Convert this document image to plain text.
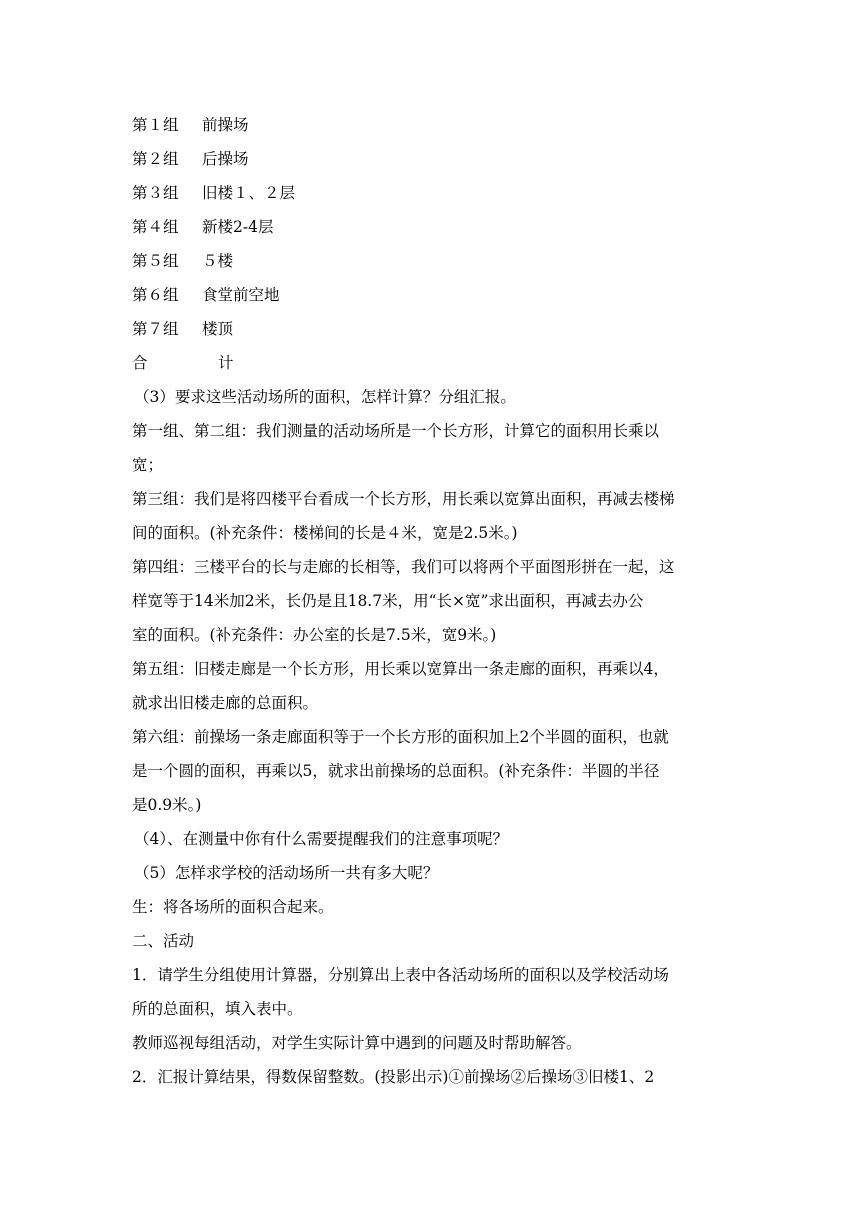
第１组	前操场
第２组	后操场
第３组	旧楼１、２层
第４组	新楼2-4层
第５组	５楼
第６组	食堂前空地
第７组	楼顶
合	计

（3）要求这些活动场所的面积，怎样计算？分组汇报。

第一组、第二组：我们测量的活动场所是一个长方形，计算它的面积用长乘以

宽；

第三组：我们是将四楼平台看成一个长方形，用长乘以宽算出面积，再减去楼梯

间的面积。(补充条件：楼梯间的长是４米，宽是2.5米。)

第四组：三楼平台的长与走廊的长相等，我们可以将两个平面图形拼在一起，这

样宽等于14米加2米，长仍是且18.7米，用“长×宽”求出面积，再减去办公

室的面积。(补充条件：办公室的长是7.5米，宽9米。)

第五组：旧楼走廊是一个长方形，用长乘以宽算出一条走廊的面积，再乘以4，

就求出旧楼走廊的总面积。

第六组：前操场一条走廊面积等于一个长方形的面积加上2个半圆的面积，也就

是一个圆的面积，再乘以5，就求出前操场的总面积。(补充条件：半圆的半径

是0.9米。)

（4）、在测量中你有什么需要提醒我们的注意事项呢？

（5）怎样求学校的活动场所一共有多大呢？

生：将各场所的面积合起来。

二、活动

1．请学生分组使用计算器，分别算出上表中各活动场所的面积以及学校活动场

所的总面积，填入表中。

教师巡视每组活动，对学生实际计算中遇到的问题及时帮助解答。

2．汇报计算结果，得数保留整数。(投影出示)①前操场②后操场③旧楼1、2
